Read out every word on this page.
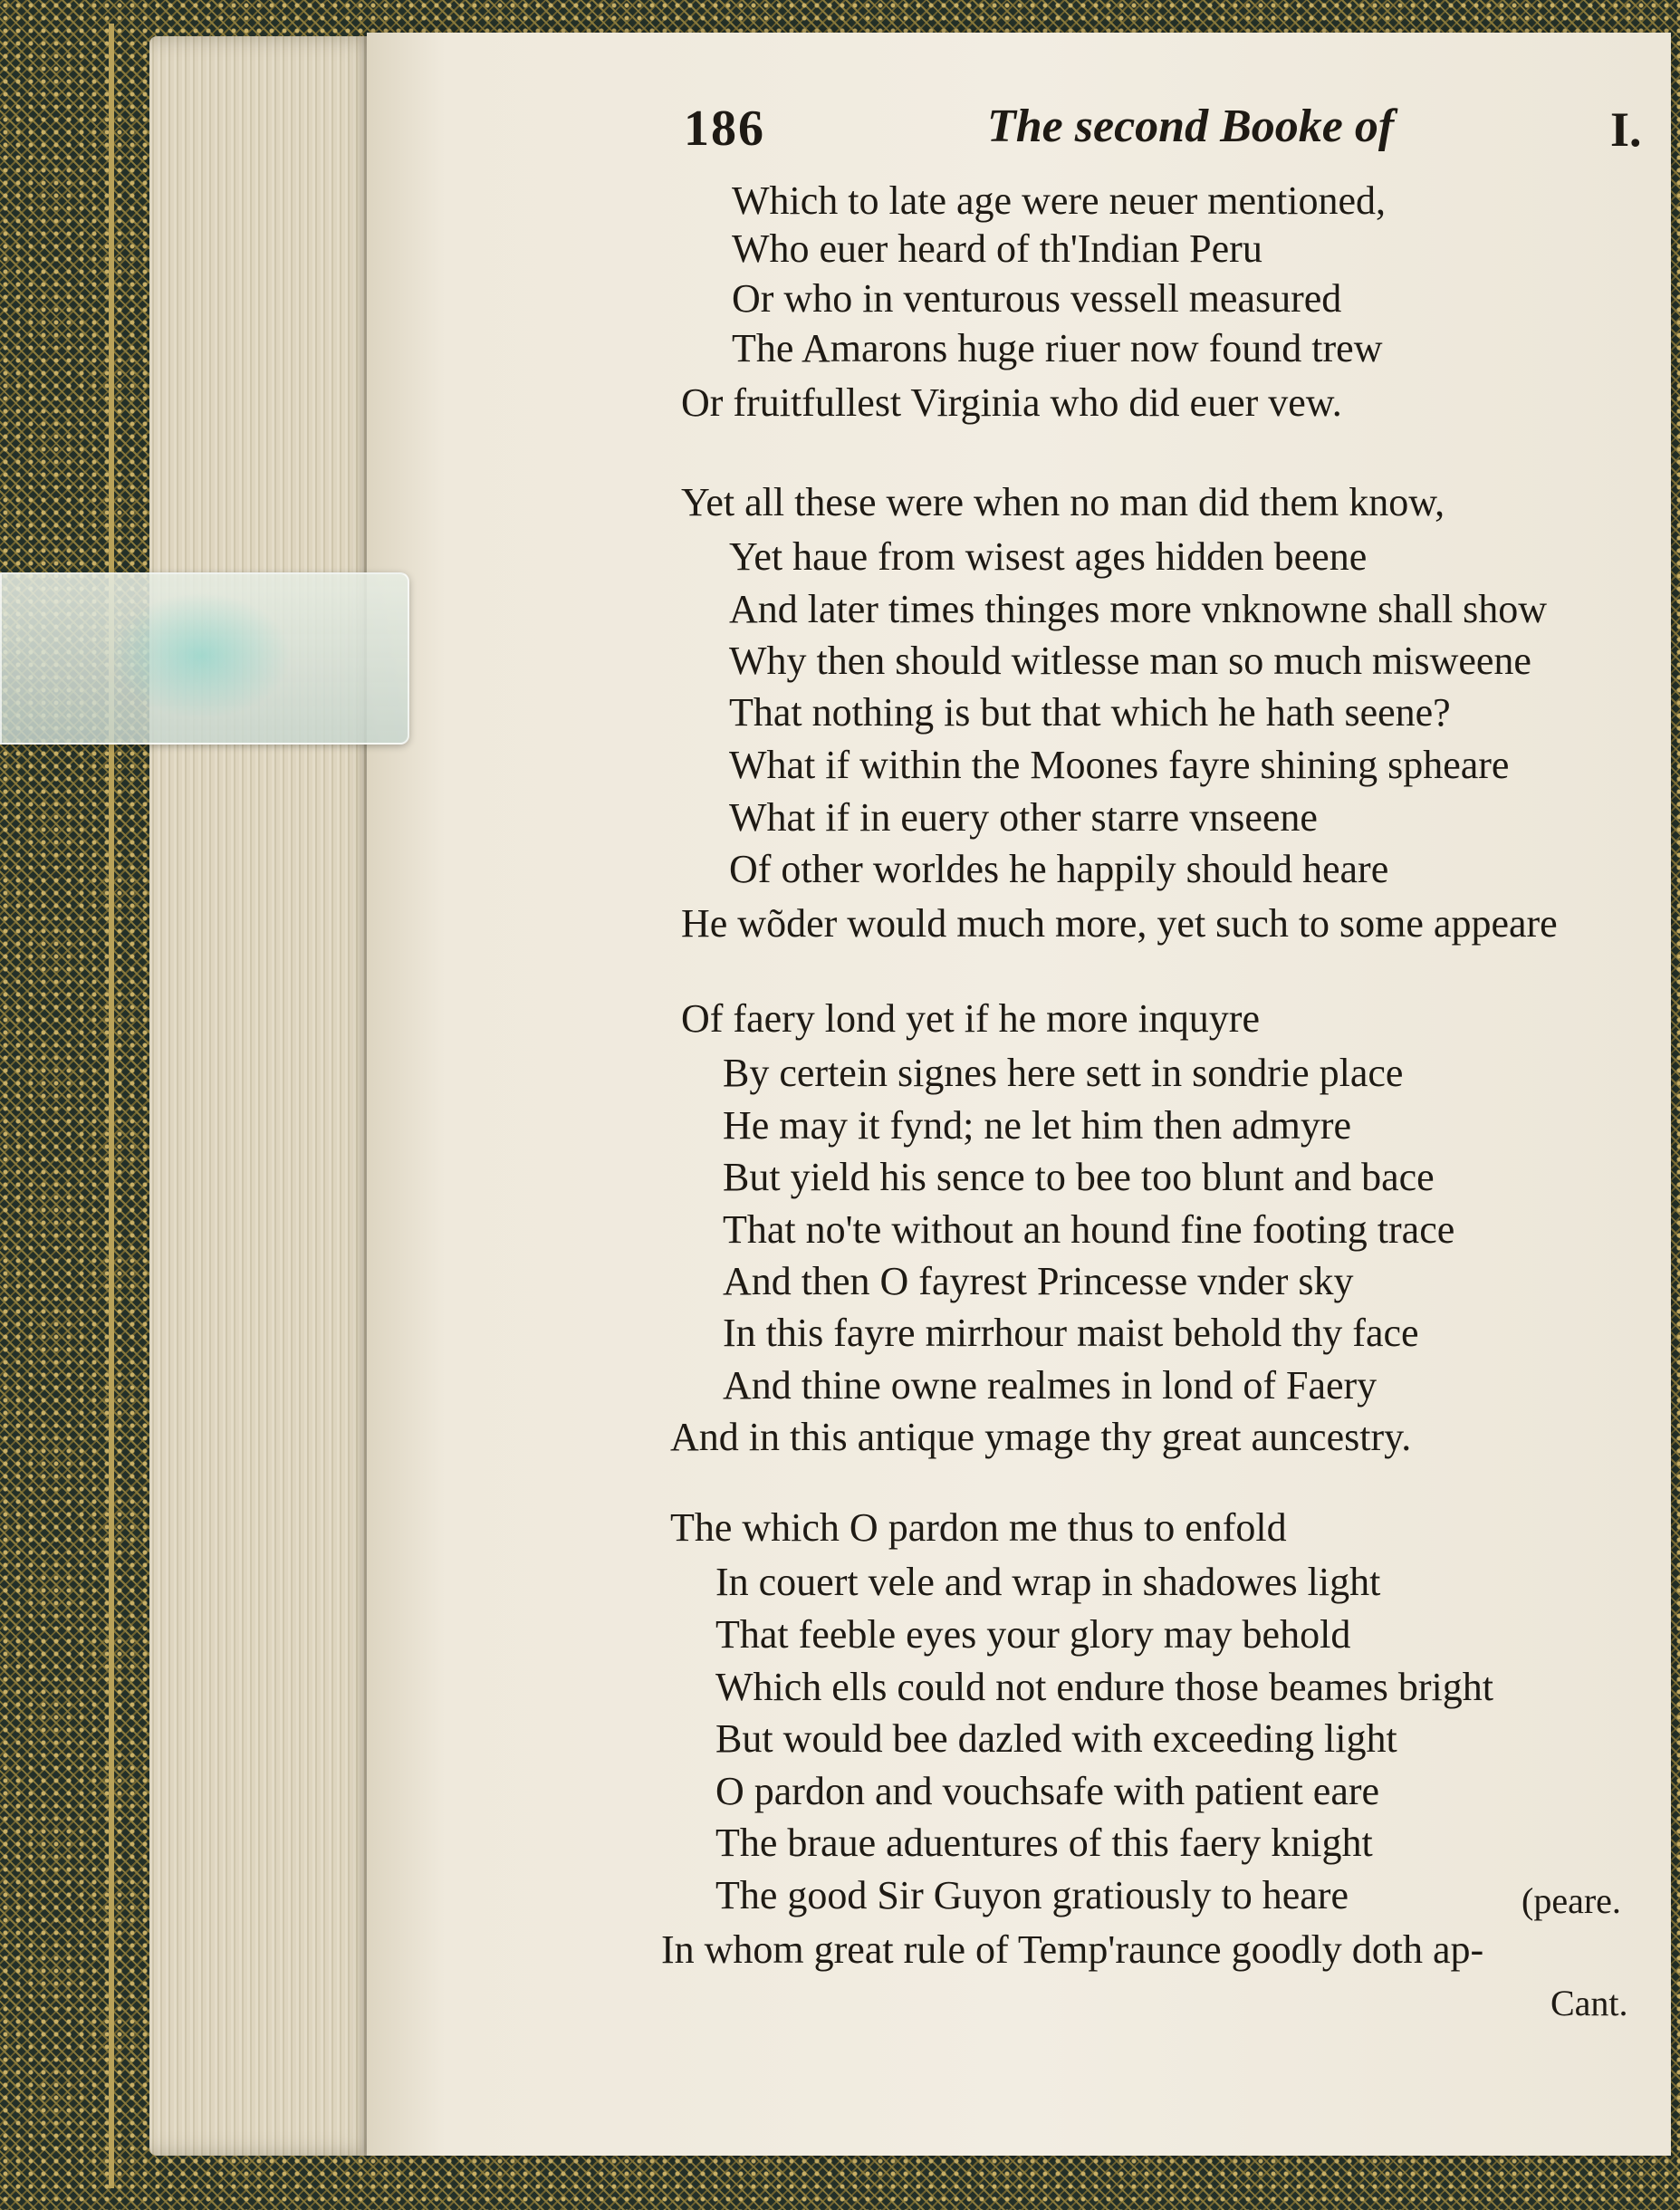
186	The second Booke of	I.
Which to late age were neuer mentioned,
Who euer heard of th'Indian Peru
Or who in venturous vessell measured
The Amarons huge riuer now found trew
Or fruitfullest Virginia who did euer vew.
Yet all these were when no man did them know,
Yet haue from wisest ages hidden beene
And later times thinges more vnknowne shall show
Why then should witlesse man so much misweene
That nothing is but that which he hath seene?
What if within the Moones fayre shining spheare
What if in euery other starre vnseene
Of other worldes he happily should heare
He wõder would much more, yet such to some appeare
Of faery lond yet if he more inquyre
By certein signes here sett in sondrie place
He may it fynd; ne let him then admyre
But yield his sence to bee too blunt and bace
That no'te without an hound fine footing trace
And then O fayrest Princesse vnder sky
In this fayre mirrhour maist behold thy face
And thine owne realmes in lond of Faery
And in this antique ymage thy great auncestry.
The which O pardon me thus to enfold
In couert vele and wrap in shadowes light
That feeble eyes your glory may behold
Which ells could not endure those beames bright
But would bee dazled with exceeding light
O pardon and vouchsafe with patient eare
The braue aduentures of this faery knight
The good Sir Guyon gratiously to heare
In whom great rule of Temp'raunce goodly doth ap-
(peare.
Cant.
